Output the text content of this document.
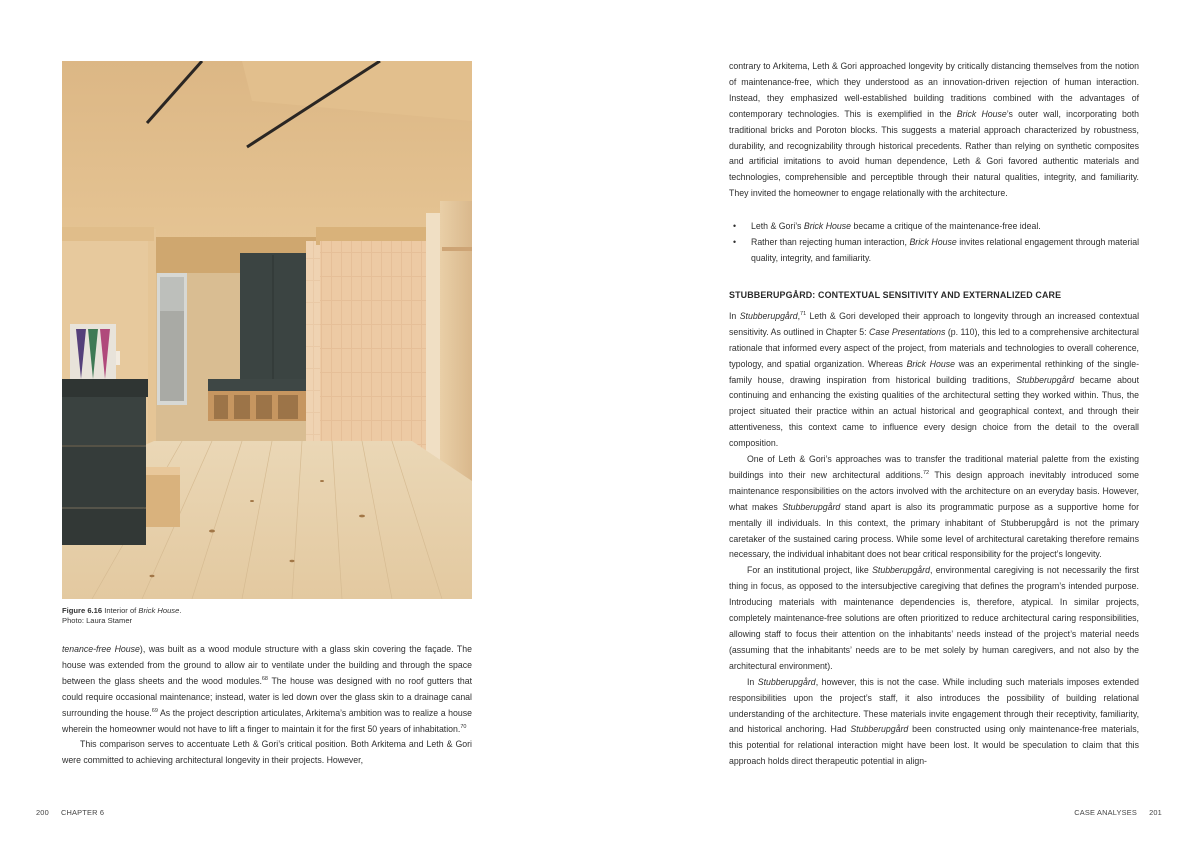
Figure 6.16 Interior of Brick House.
Photo: Laura Stamer

tenance-free House), was built as a wood module structure with a glass skin covering the façade. The house was extended from the ground to allow air to ventilate under the building and through the space between the glass sheets and the wood modules.$^{68}$ The house was designed with no roof gutters that could require occasional maintenance; instead, water is led down over the glass skin to a drainage canal surrounding the house.$^{69}$ As the project description articulates, Arkitema’s ambition was to realize a house wherein the homeowner would not have to lift a finger to maintain it for the first 50 years of inhabitation.$^{70}$

This comparison serves to accentuate Leth & Gori’s critical position. Both Arkitema and Leth & Gori were committed to achieving architectural longevity in their projects. However,

200 CHAPTER 6

contrary to Arkitema, Leth & Gori approached longevity by critically distancing themselves from the notion of maintenance-free, which they understood as an innovation-driven rejection of human interaction. Instead, they emphasized well-established building traditions combined with the advantages of contemporary technologies. This is exemplified in the Brick House’s outer wall, incorporating both traditional bricks and Poroton blocks. This suggests a material approach characterized by robustness, durability, and recognizability through historical precedents. Rather than relying on synthetic composites and artificial imitations to avoid human dependence, Leth & Gori favored authentic materials and technologies, comprehensible and perceptible through their natural qualities, integrity, and familiarity. They invited the homeowner to engage relationally with the architecture.

• Leth & Gori’s Brick House became a critique of the maintenance-free ideal.
• Rather than rejecting human interaction, Brick House invites relational engagement through material quality, integrity, and familiarity.
STUBBERUPGÅRD: CONTEXTUAL SENSITIVITY AND EXTERNALIZED CARE

In Stubberupgård,$^{71}$ Leth & Gori developed their approach to longevity through an increased contextual sensitivity. As outlined in Chapter 5: Case Presentations (p. 110), this led to a comprehensive architectural rationale that informed every aspect of the project, from materials and technologies to overall coherence, typology, and spatial organization. Whereas Brick House was an experimental rethinking of the single-family house, drawing inspiration from historical building traditions, Stubberupgård became about continuing and enhancing the existing qualities of the architectural setting they worked within. Thus, the project situated their practice within an actual historical and geographical context, and through their attentiveness, this context came to influence every design choice from the detail to the overall composition.

One of Leth & Gori’s approaches was to transfer the traditional material palette from the existing buildings into their new architectural additions.$^{72}$ This design approach inevitably introduced some maintenance responsibilities on the actors involved with the architecture on an everyday basis. However, what makes Stubberupgård stand apart is also its programmatic purpose as a supportive home for mentally ill individuals. In this context, the primary inhabitant of Stubberupgård is not the primary caretaker of the sustained caring process. While some level of architectural caretaking therefore remains necessary, the individual inhabitant does not bear critical responsibility for the project’s longevity.

For an institutional project, like Stubberupgård, environmental caregiving is not necessarily the first thing in focus, as opposed to the intersubjective caregiving that defines the program’s intended purpose. Introducing materials with maintenance dependencies is, therefore, atypical. In similar projects, completely maintenance-free solutions are often prioritized to reduce architectural caring responsibilities, allowing staff to focus their attention on the inhabitants’ needs instead of the project’s material needs (assuming that the inhabitants’ needs are to be met solely by human caregivers, and not also by the architectural environment).

In Stubberupgård, however, this is not the case. While including such materials imposes extended responsibilities upon the project’s staff, it also introduces the possibility of building relational understanding of the architecture. These materials invite engagement through their receptivity, familiarity, and historical anchoring. Had Stubberupgård been constructed using only maintenance-free materials, this potential for relational interaction might have been lost. It would be speculation to claim that this approach holds direct therapeutic potential in align-

CASE ANALYSES 201
